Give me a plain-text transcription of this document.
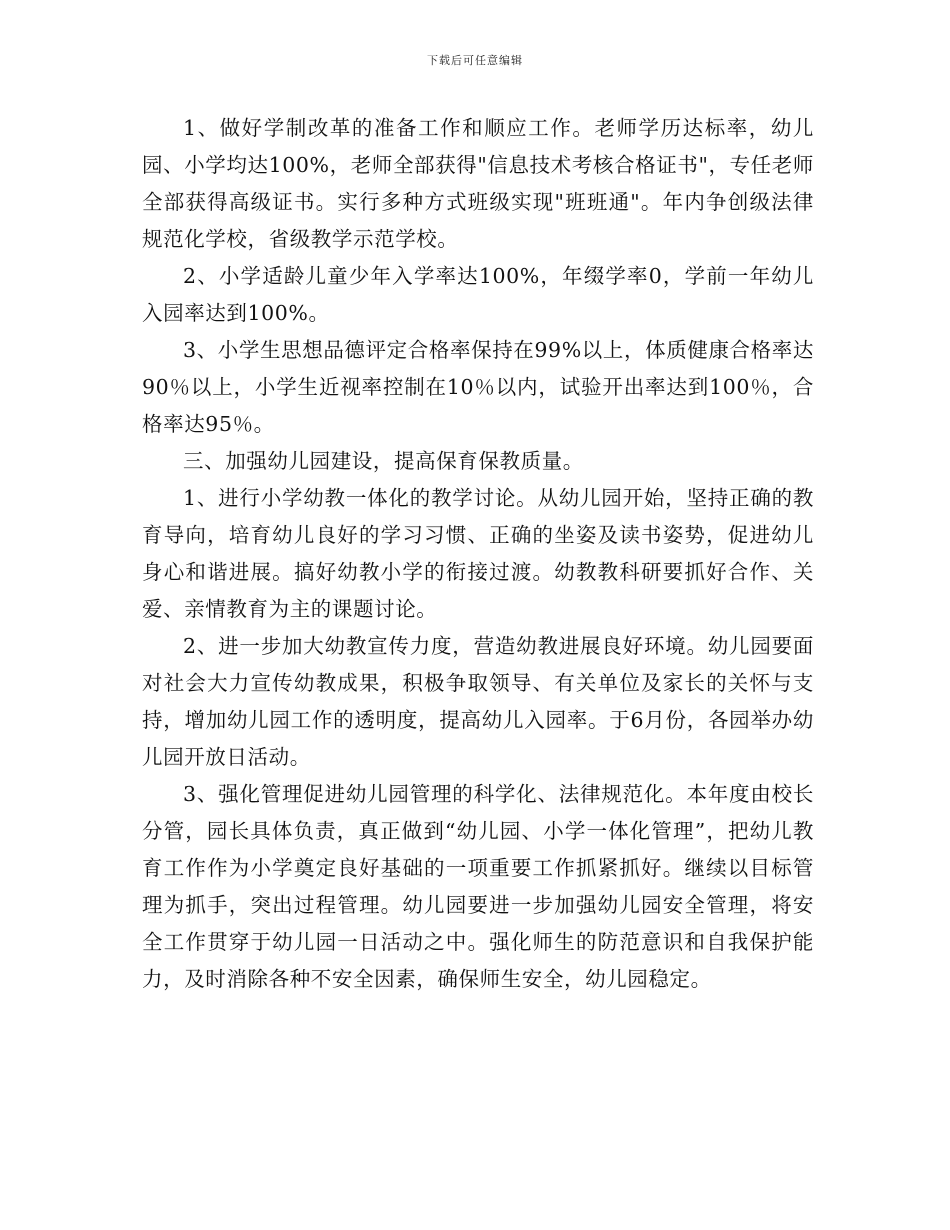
下载后可任意编辑

1、做好学制改革的准备工作和顺应工作。老师学历达标率，幼儿园、小学均达100%，老师全部获得"信息技术考核合格证书"，专任老师全部获得高级证书。实行多种方式班级实现"班班通"。年内争创级法律规范化学校，省级教学示范学校。

2、小学适龄儿童少年入学率达100%，年缀学率0，学前一年幼儿入园率达到100%。

3、小学生思想品德评定合格率保持在99%以上，体质健康合格率达90％以上，小学生近视率控制在10％以内，试验开出率达到100％，合格率达95％。

三、加强幼儿园建设，提高保育保教质量。

1、进行小学幼教一体化的教学讨论。从幼儿园开始，坚持正确的教育导向，培育幼儿良好的学习习惯、正确的坐姿及读书姿势，促进幼儿身心和谐进展。搞好幼教小学的衔接过渡。幼教教科研要抓好合作、关爱、亲情教育为主的课题讨论。

2、进一步加大幼教宣传力度，营造幼教进展良好环境。幼儿园要面对社会大力宣传幼教成果，积极争取领导、有关单位及家长的关怀与支持，增加幼儿园工作的透明度，提高幼儿入园率。于6月份，各园举办幼儿园开放日活动。

3、强化管理促进幼儿园管理的科学化、法律规范化。本年度由校长分管，园长具体负责，真正做到“幼儿园、小学一体化管理”，把幼儿教育工作作为小学奠定良好基础的一项重要工作抓紧抓好。继续以目标管理为抓手，突出过程管理。幼儿园要进一步加强幼儿园安全管理，将安全工作贯穿于幼儿园一日活动之中。强化师生的防范意识和自我保护能力，及时消除各种不安全因素，确保师生安全，幼儿园稳定。
